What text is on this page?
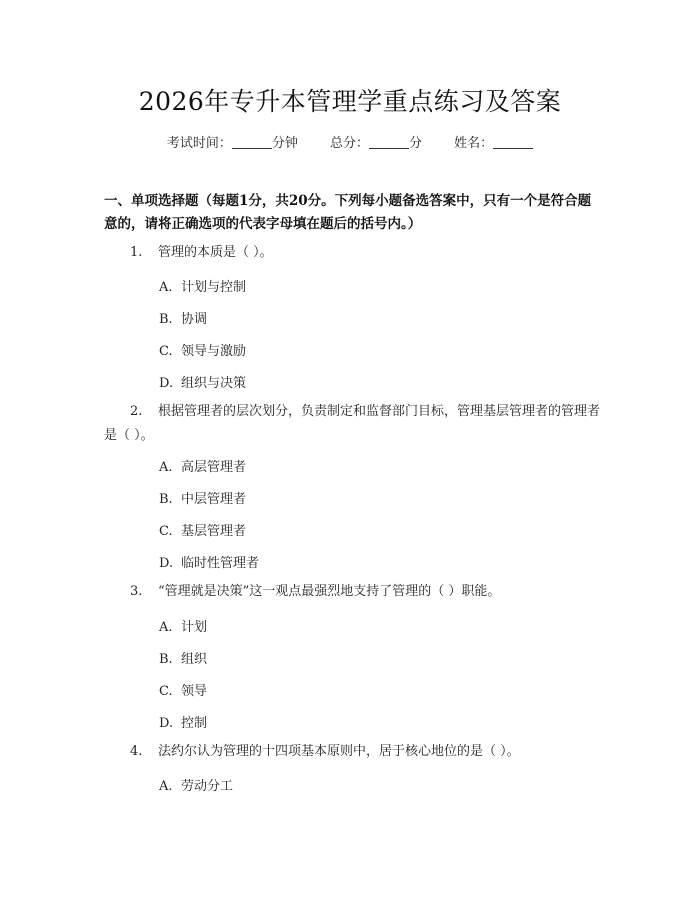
2026年专升本管理学重点练习及答案
考试时间：	分钟 总分：	分 姓名：
一、单项选择题（每题1分，共20分。下列每小题备选答案中，只有一个是符合题意的，请将正确选项的代表字母填在题后的括号内。）
1. 管理的本质是（ ）。
A. 计划与控制
B. 协调
C. 领导与激励
D. 组织与决策
2. 根据管理者的层次划分，负责制定和监督部门目标，管理基层管理者的管理者是（ ）。
A. 高层管理者
B. 中层管理者
C. 基层管理者
D. 临时性管理者
3. “管理就是决策”这一观点最强烈地支持了管理的（ ）职能。
A. 计划
B. 组织
C. 领导
D. 控制
4. 法约尔认为管理的十四项基本原则中，居于核心地位的是（ ）。
A. 劳动分工
